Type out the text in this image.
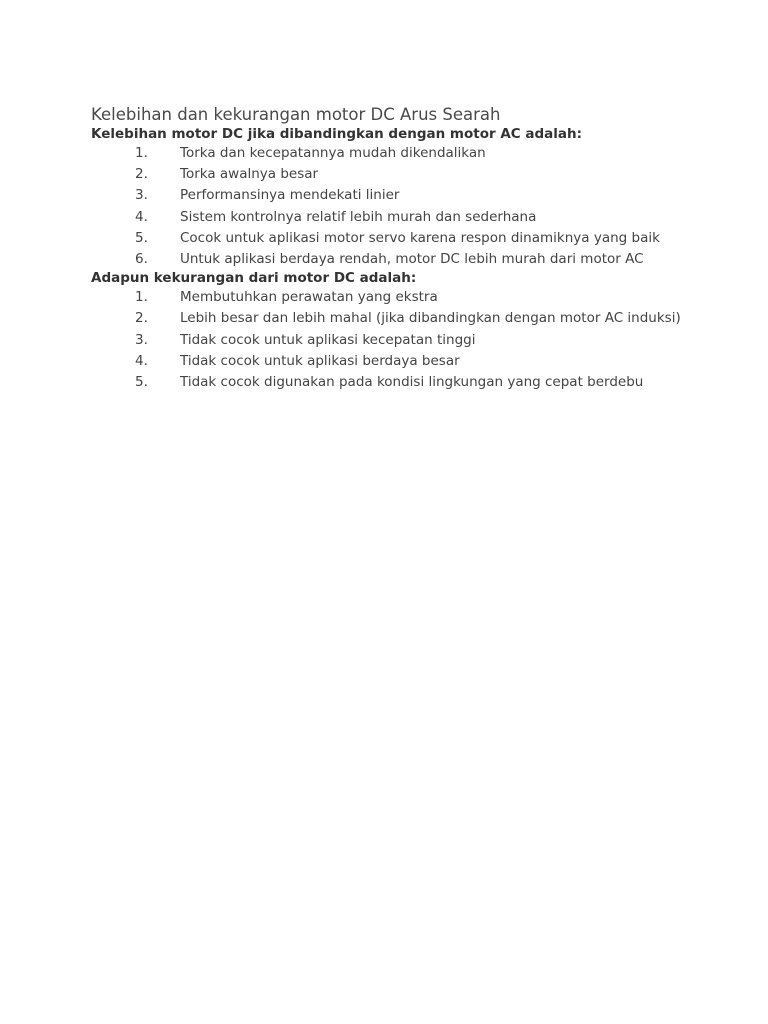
Kelebihan dan kekurangan motor DC Arus Searah

Kelebihan motor DC jika dibandingkan dengan motor AC adalah:

1. Torka dan kecepatannya mudah dikendalikan
2. Torka awalnya besar
3. Performansinya mendekati linier
4. Sistem kontrolnya relatif lebih murah dan sederhana
5. Cocok untuk aplikasi motor servo karena respon dinamiknya yang baik
6. Untuk aplikasi berdaya rendah, motor DC lebih murah dari motor AC

Adapun kekurangan dari motor DC adalah:

1. Membutuhkan perawatan yang ekstra
2. Lebih besar dan lebih mahal (jika dibandingkan dengan motor AC induksi)
3. Tidak cocok untuk aplikasi kecepatan tinggi
4. Tidak cocok untuk aplikasi berdaya besar
5. Tidak cocok digunakan pada kondisi lingkungan yang cepat berdebu
